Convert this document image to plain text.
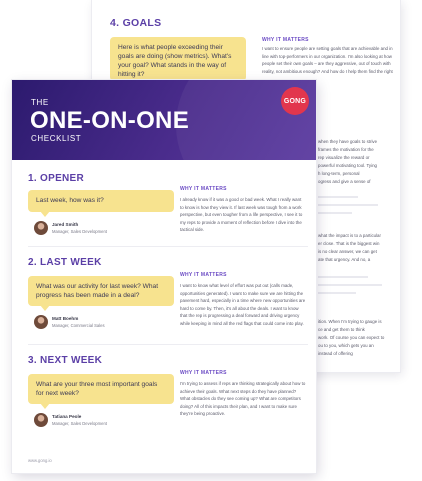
4. GOALS
Here is what people exceeding their goals are doing (show metrics). What's your goal? What stands in the way of hitting it?
WHY IT MATTERS
I want to ensure people are setting goals that are achievable and in line with top-performers in our organization. I'm also looking at how people set their own goals – are they aggressive, out of touch with reality, not ambitious enough? And how do I help them find the right
when they have goals to strive
frames the motivation for the
rep visualize the reward or
powerful motivating tool. Tying
h long-term, personal
ogress and give a sense of
what the impact is to a particular
er close. That is the biggest win
is no clear answer, we can get
ate that urgency. And no, a
ition. When I'm trying to gauge is
ce and get them to think
work. Of course you can expect to
ou to you, which gets you an
instead of offering
THE
ONE-ON-ONE
CHECKLIST
GONG
1. OPENER
Last week, how was it?
Jared Smith
Manager, Sales Development
WHY IT MATTERS
I already know if it was a good or bad week. What I really want to know is how they view it. If last week was tough from a work perspective, but even tougher from a life perspective, I see it to my reps to provide a moment of reflection before I dive into the tactical side.
2. LAST WEEK
What was our activity for last week? What progress has been made in a deal?
Matt Boehm
Manager, Commercial Sales
WHY IT MATTERS
I want to know what level of effort was put out (calls made, opportunities generated). I want to make sure we are hitting the pavement hard, especially in a time where new opportunities are hard to come by. Then, it's all about the deals. I want to know that the rep is progressing a deal forward and driving urgency while keeping in mind all the red flags that could come into play.
3. NEXT WEEK
What are your three most important goals for next week?
Tatiana Peole
Manager, Sales Development
WHY IT MATTERS
I'm trying to assess if reps are thinking strategically about how to achieve their goals. What next steps do they have planned? What obstacles do they see coming up? What are competitors doing? All of this impacts their plan, and I want to make sure they're being proactive.
www.gong.io
